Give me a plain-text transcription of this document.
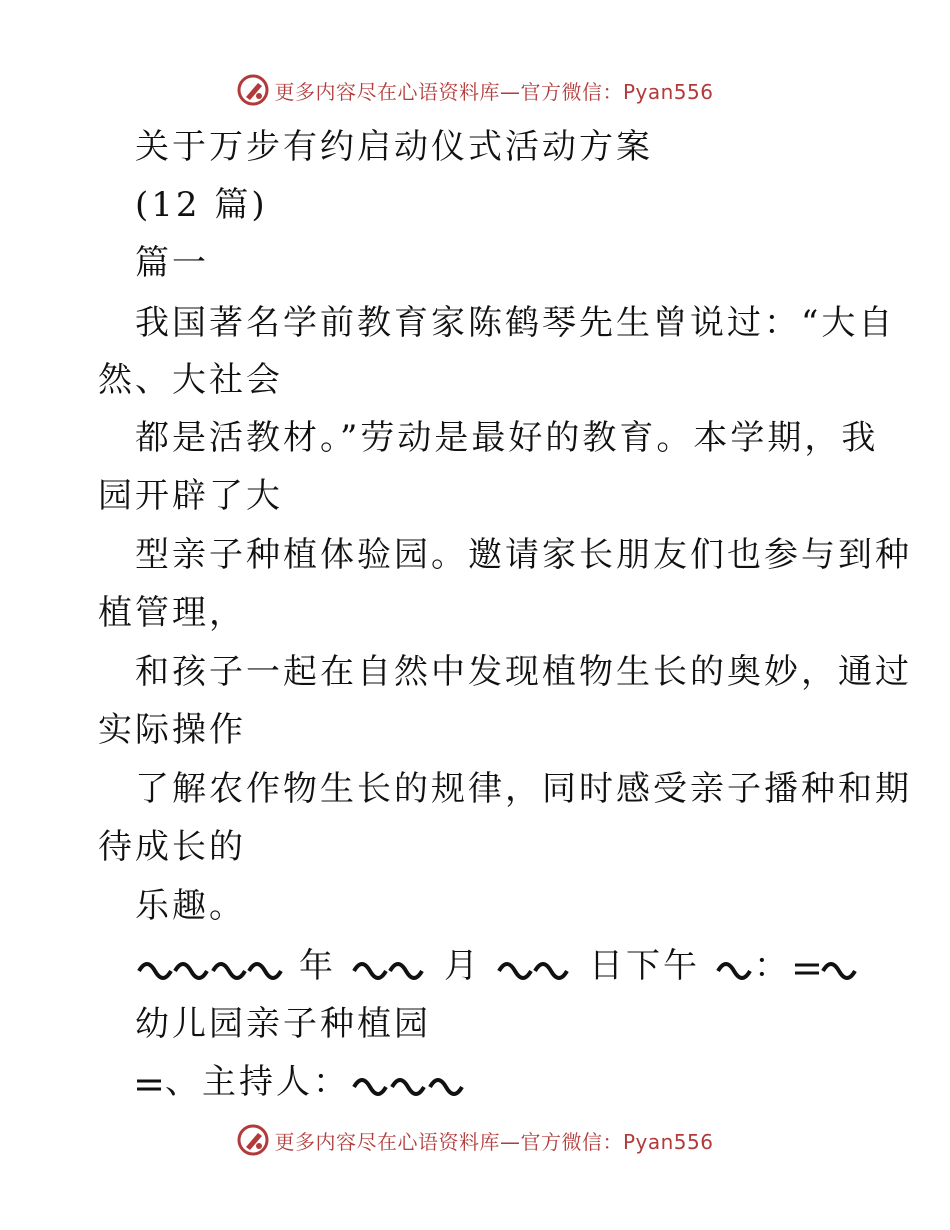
更多内容尽在心语资料库—官方微信：Pyan556
关于万步有约启动仪式活动方案
(12 篇)
篇一
我国著名学前教育家陈鹤琴先生曾说过：“大自
然、大社会
都是活教材。”劳动是最好的教育。本学期，我
园开辟了大
型亲子种植体验园。邀请家长朋友们也参与到种
植管理，
和孩子一起在自然中发现植物生长的奥妙，通过
实际操作
了解农作物生长的规律，同时感受亲子播种和期
待成长的
乐趣。
年	月	日下午 ：
幼儿园亲子种植园
、主持人：
更多内容尽在心语资料库—官方微信：Pyan556
